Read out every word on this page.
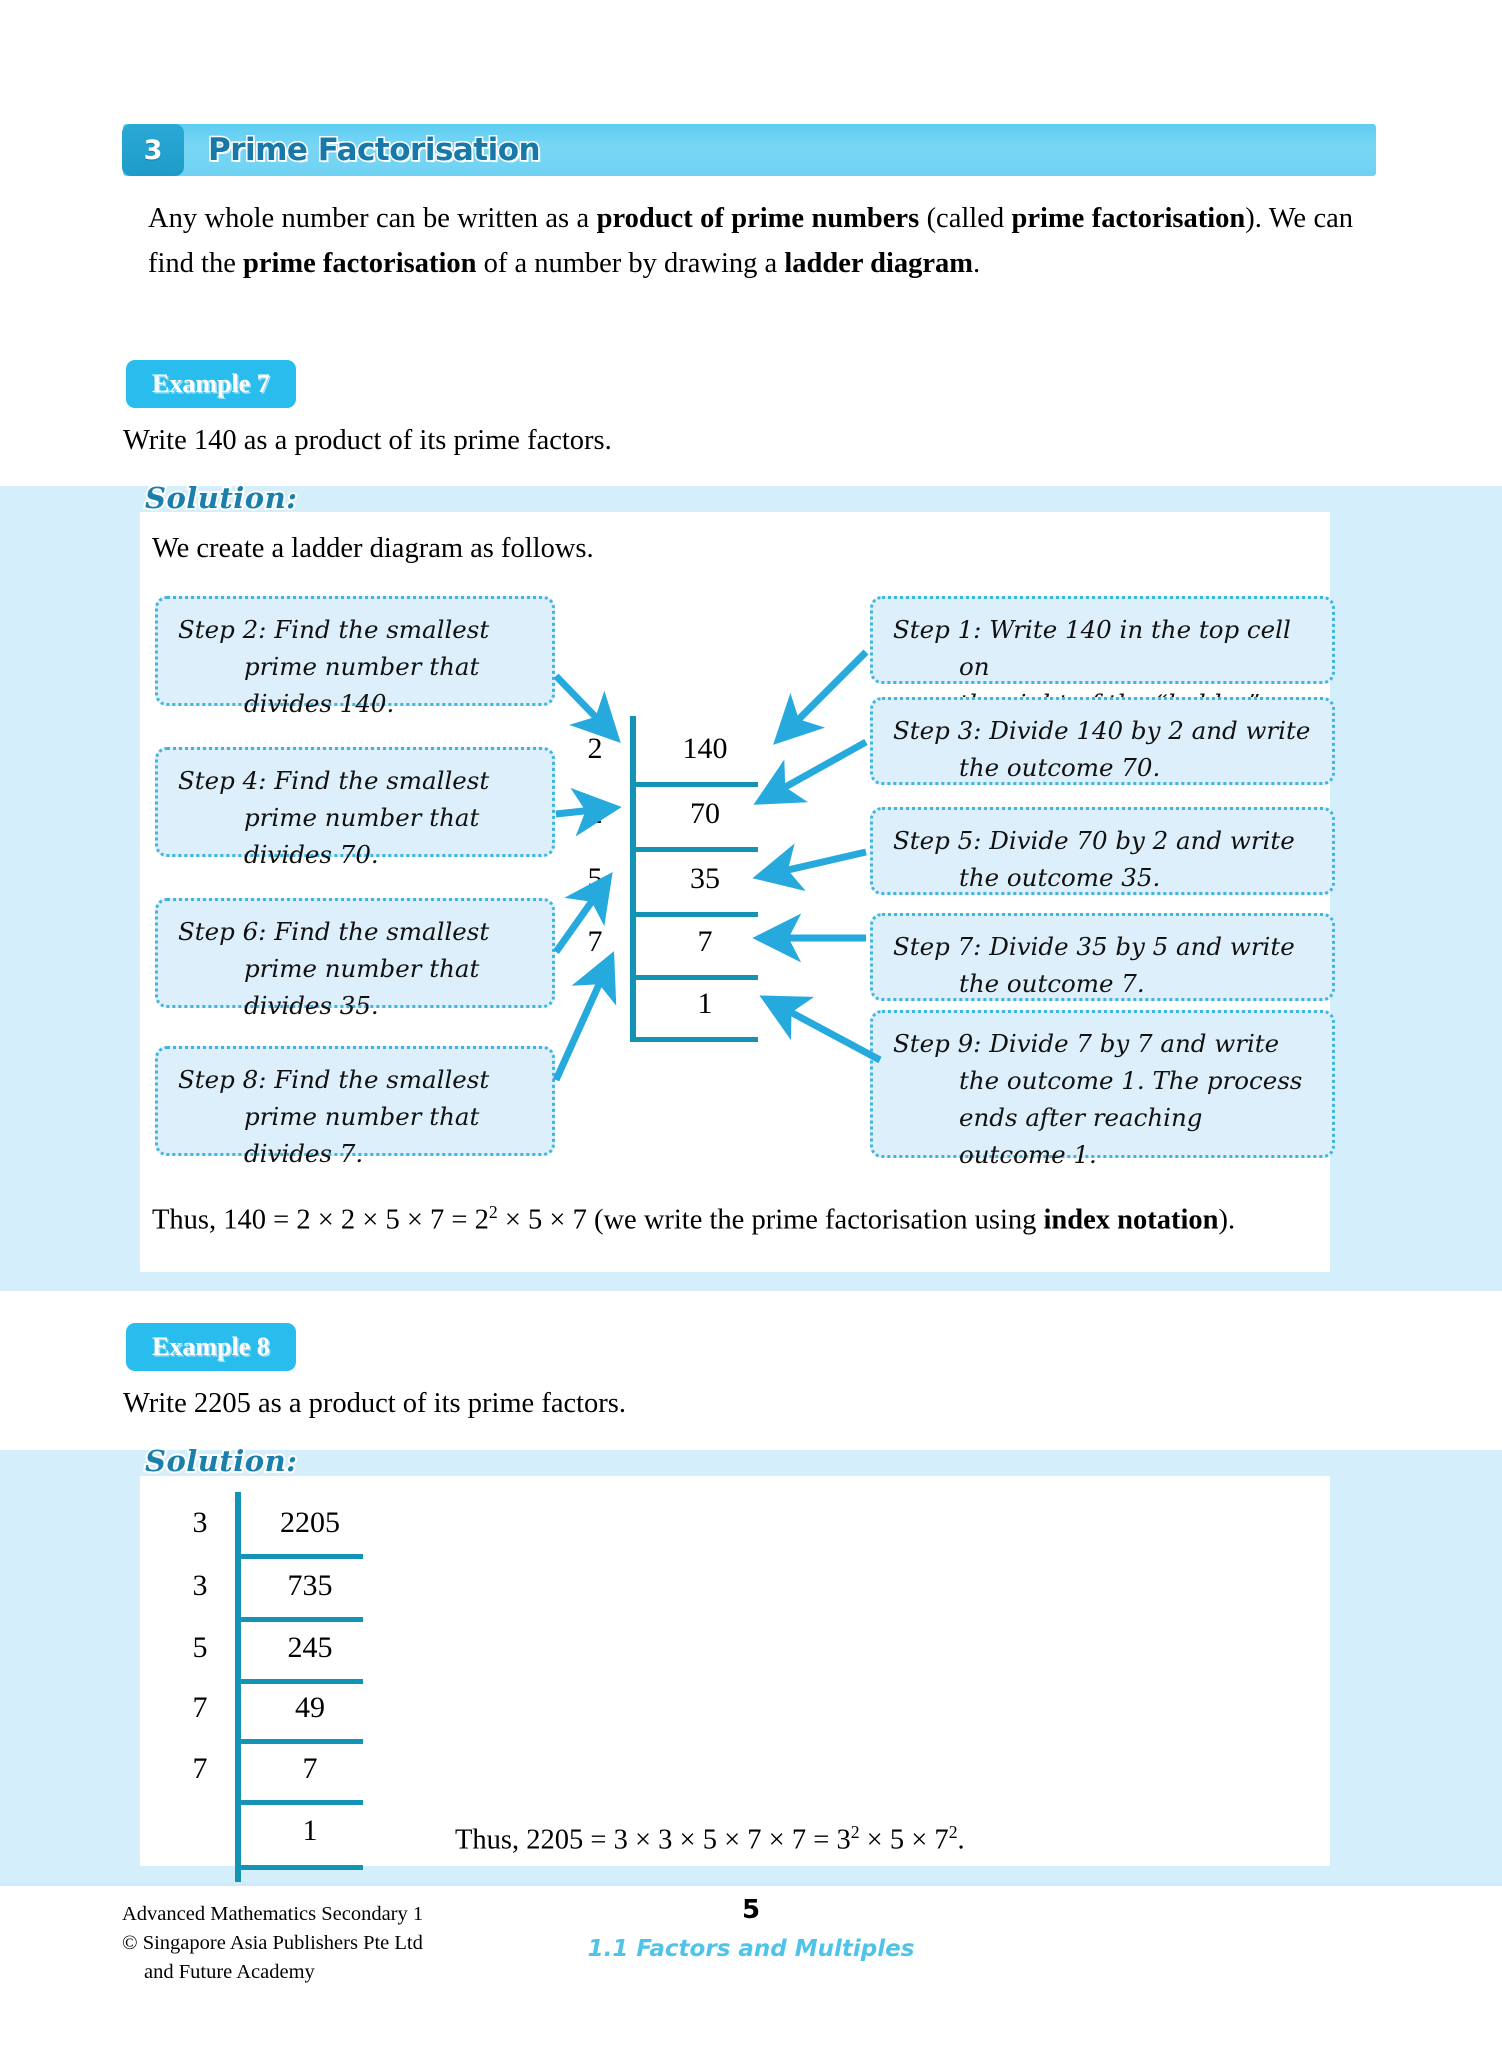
3	Prime Factorisation
Any whole number can be written as a product of prime numbers (called prime factorisation). We can find the prime factorisation of a number by drawing a ladder diagram.
Example 7
Write 140 as a product of its prime factors.
Solution:
We create a ladder diagram as follows.
Step 2: Find the smallest
prime number that
divides 140.
Step 4: Find the smallest
prime number that
divides 70.
Step 6: Find the smallest
prime number that
divides 35.
Step 8: Find the smallest
prime number that
divides 7.
Step 1: Write 140 in the top cell on
Step 3: Divide 140 by 2 and write
the outcome 70.
Step 5: Divide 70 by 2 and write
the outcome 35.
Step 7: Divide 35 by 5 and write
the outcome 7.
Step 9: Divide 7 by 7 and write
the outcome 1. The process
ends after reaching
outcome 1.
2
2
5
7
140
70
35
7
1
Thus, $140 = 2 \times 2 \times 5 \times 7 = 2^2 \times 5 \times 7$ (we write the prime factorisation using index notation).
Example 8
Write 2205 as a product of its prime factors.
Solution:
3
3
5
7
7
2205
735
245
49
7
1	Thus, $2205 = 3 \times 3 \times 5 \times 7 \times 7 = 3^2 \times 5 \times 7^2$.
Advanced Mathematics Secondary 1
© Singapore Asia Publishers Pte Ltd
and Future Academy
5
1.1 Factors and Multiples
